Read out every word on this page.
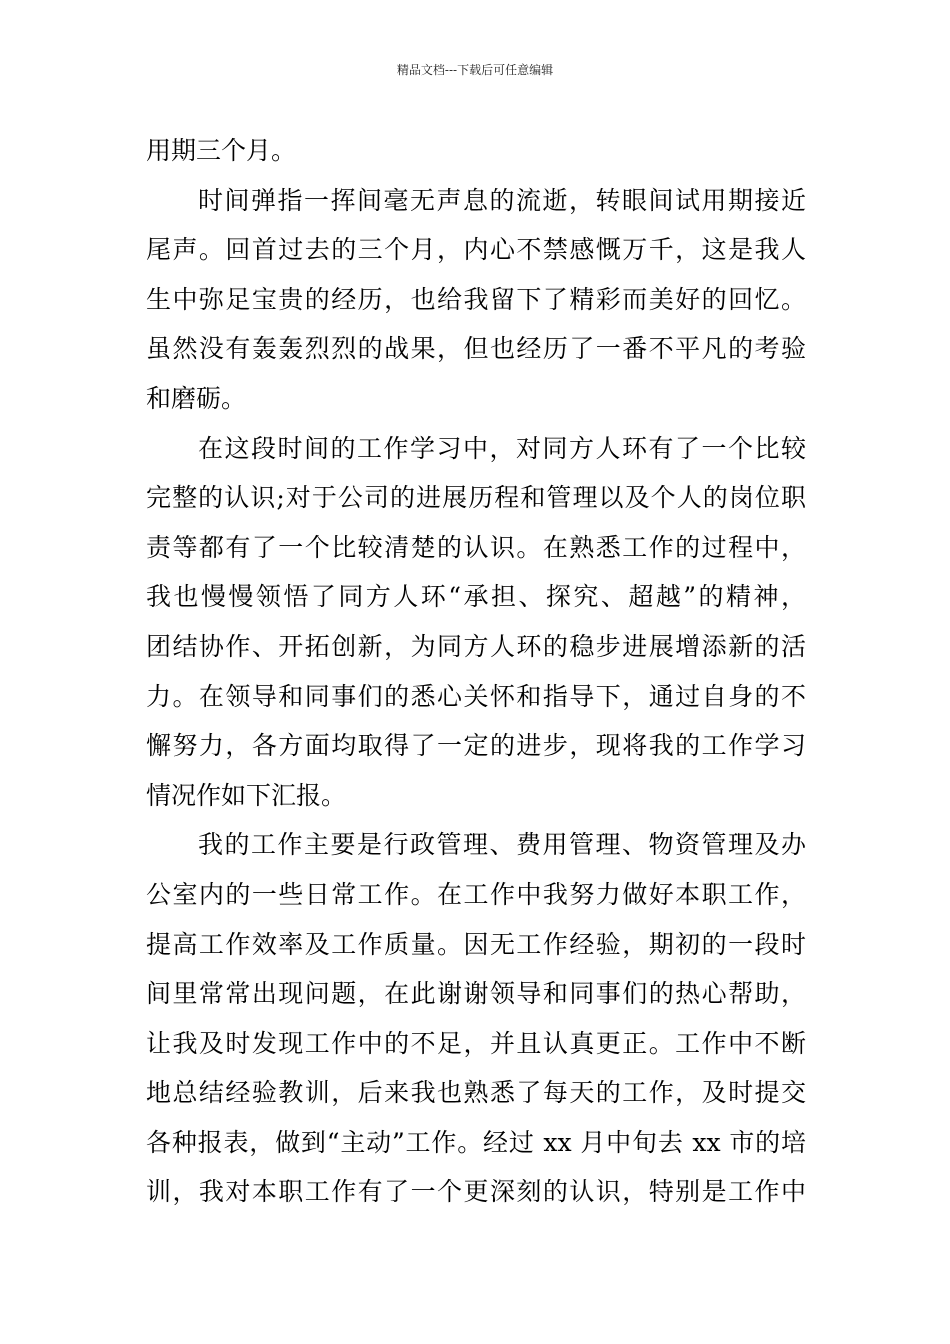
精品文档---下载后可任意编辑
用期三个月。
时间弹指一挥间毫无声息的流逝，转眼间试用期接近
尾声。回首过去的三个月，内心不禁感慨万千，这是我人
生中弥足宝贵的经历，也给我留下了精彩而美好的回忆。
虽然没有轰轰烈烈的战果，但也经历了一番不平凡的考验
和磨砺。
在这段时间的工作学习中，对同方人环有了一个比较
完整的认识;对于公司的进展历程和管理以及个人的岗位职
责等都有了一个比较清楚的认识。在熟悉工作的过程中，
我也慢慢领悟了同方人环“承担、探究、超越”的精神，
团结协作、开拓创新，为同方人环的稳步进展增添新的活
力。在领导和同事们的悉心关怀和指导下，通过自身的不
懈努力，各方面均取得了一定的进步，现将我的工作学习
情况作如下汇报。
我的工作主要是行政管理、费用管理、物资管理及办
公室内的一些日常工作。在工作中我努力做好本职工作，
提高工作效率及工作质量。因无工作经验，期初的一段时
间里常常出现问题，在此谢谢领导和同事们的热心帮助，
让我及时发现工作中的不足，并且认真更正。工作中不断
地总结经验教训，后来我也熟悉了每天的工作，及时提交
各种报表，做到“主动”工作。经过 xx 月中旬去 xx 市的培
训，我对本职工作有了一个更深刻的认识，特别是工作中
